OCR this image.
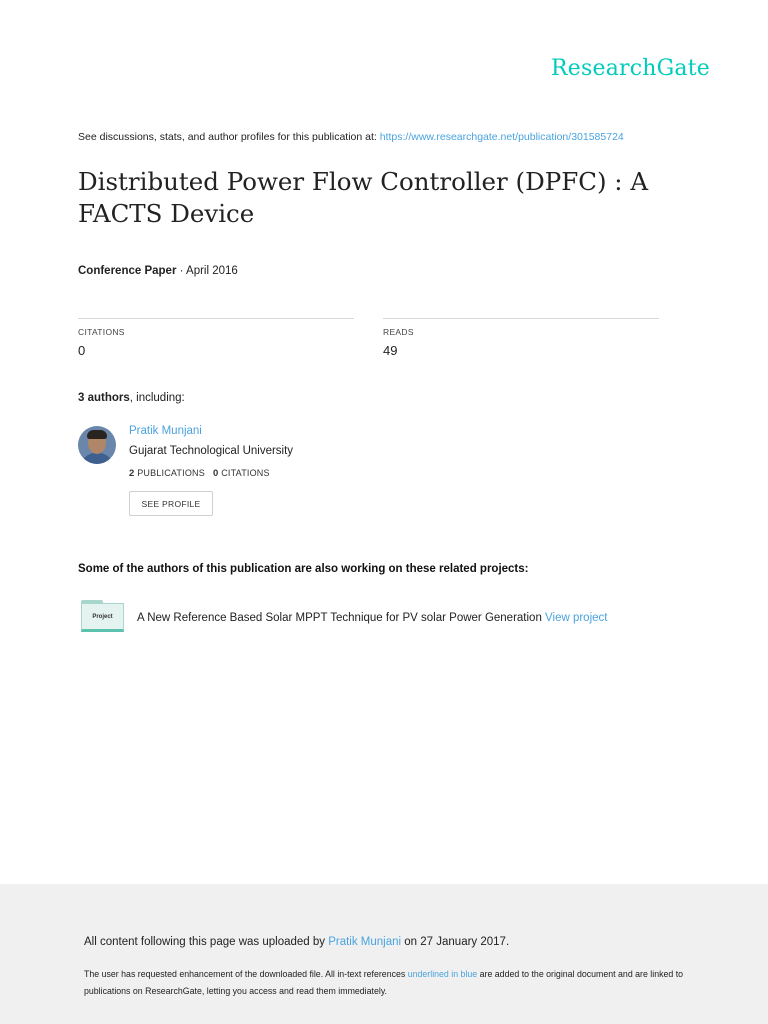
ResearchGate
See discussions, stats, and author profiles for this publication at: https://www.researchgate.net/publication/301585724
Distributed Power Flow Controller (DPFC) : A FACTS Device
Conference Paper · April 2016
CITATIONS
0
READS
49
3 authors, including:
Pratik Munjani
Gujarat Technological University
2 PUBLICATIONS 0 CITATIONS
SEE PROFILE
Some of the authors of this publication are also working on these related projects:
Project A New Reference Based Solar MPPT Technique for PV solar Power Generation View project
All content following this page was uploaded by Pratik Munjani on 27 January 2017.
The user has requested enhancement of the downloaded file. All in-text references underlined in blue are added to the original document and are linked to publications on ResearchGate, letting you access and read them immediately.
